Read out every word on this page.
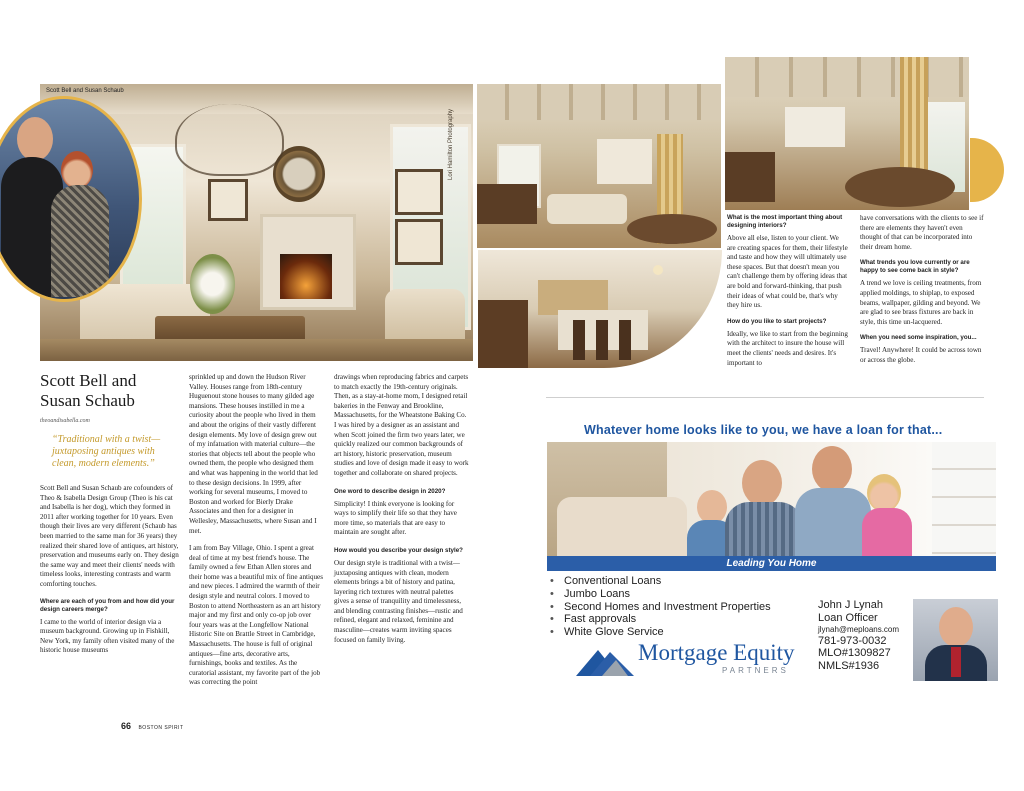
Scott Bell and Susan Schaub
Lori Hamilton Photography
Scott Bell and
Susan Schaub
theoandisabella.com
“Traditional with a twist—juxtaposing antiques with clean, modern elements.”

Scott Bell and Susan Schaub are cofounders of Theo & Isabella Design Group (Theo is his cat and Isabella is her dog), which they formed in 2011 after working together for 10 years. Even though their lives are very different (Schaub has been married to the same man for 36 years) they realized their shared love of antiques, art history, preservation and museums early on. They design the same way and meet their clients' needs with timeless looks, interesting contrasts and warm comforting touches.

Where are each of you from and how did your design careers merge?

I came to the world of interior design via a museum background. Growing up in Fishkill, New York, my family often visited many of the historic house museums

sprinkled up and down the Hudson River Valley. Houses range from 18th-century Huguenout stone houses to many gilded age mansions. These houses instilled in me a curiosity about the people who lived in them and about the origins of their vastly different design elements. My love of design grew out of my infatuation with material culture—the stories that objects tell about the people who owned them, the people who designed them and what was happening in the world that led to these design decisions. In 1999, after working for several museums, I moved to Boston and worked for Bierly Drake Associates and then for a designer in Wellesley, Massachusetts, where Susan and I met.

I am from Bay Village, Ohio. I spent a great deal of time at my best friend's house. The family owned a few Ethan Allen stores and their home was a beautiful mix of fine antiques and new pieces. I admired the warmth of their design style and neutral colors. I moved to Boston to attend Northeastern as an art history major and my first and only co-op job over four years was at the Longfellow National Historic Site on Brattle Street in Cambridge, Massachusetts. The house is full of original antiques—fine arts, decorative arts, furnishings, books and textiles. As the curatorial assistant, my favorite part of the job was correcting the point

drawings when reproducing fabrics and carpets to match exactly the 19th-century originals. Then, as a stay-at-home mom, I designed retail bakeries in the Fenway and Brookline, Massachusetts, for the Wheatstone Baking Co. I was hired by a designer as an assistant and when Scott joined the firm two years later, we quickly realized our common backgrounds of art history, historic preservation, museum studies and love of design made it easy to work together and collaborate on shared projects.

One word to describe design in 2020?

Simplicity! I think everyone is looking for ways to simplify their life so that they have more time, so materials that are easy to maintain are sought after.

How would you describe your design style?

Our design style is traditional with a twist—juxtaposing antiques with clean, modern elements brings a bit of history and patina, layering rich textures with neutral palettes gives a sense of tranquility and timelessness, and blending contrasting finishes—rustic and refined, elegant and relaxed, feminine and masculine—creates warm inviting spaces focused on family living.

66 BOSTON SPIRIT

What is the most important thing about designing interiors?

Above all else, listen to your client. We are creating spaces for them, their lifestyle and taste and how they will ultimately use these spaces. But that doesn't mean you can't challenge them by offering ideas that are bold and forward-thinking, that push their ideas of what could be, that's why they hire us.

How do you like to start projects?

Ideally, we like to start from the beginning with the architect to insure the house will meet the clients' needs and desires. It's important to

have conversations with the clients to see if there are elements they haven't even thought of that can be incorporated into their dream home.

What trends you love currently or are happy to see come back in style?

A trend we love is ceiling treatments, from applied moldings, to shiplap, to exposed beams, wallpaper, gilding and beyond. We are glad to see brass fixtures are back in style, this time un-lacquered.

When you need some inspiration, you...

Travel! Anywhere! It could be across town or across the globe.

Whatever home looks like to you, we have a loan for that...
Leading You Home
• Conventional Loans
• Jumbo Loans
• Second Homes and Investment Properties
• Fast approvals
• White Glove Service
Mortgage Equity
PARTNERS
John J Lynah
Loan Officer
jlynah@meploans.com
781-973-0032
MLO#1309827
NMLS#1936
